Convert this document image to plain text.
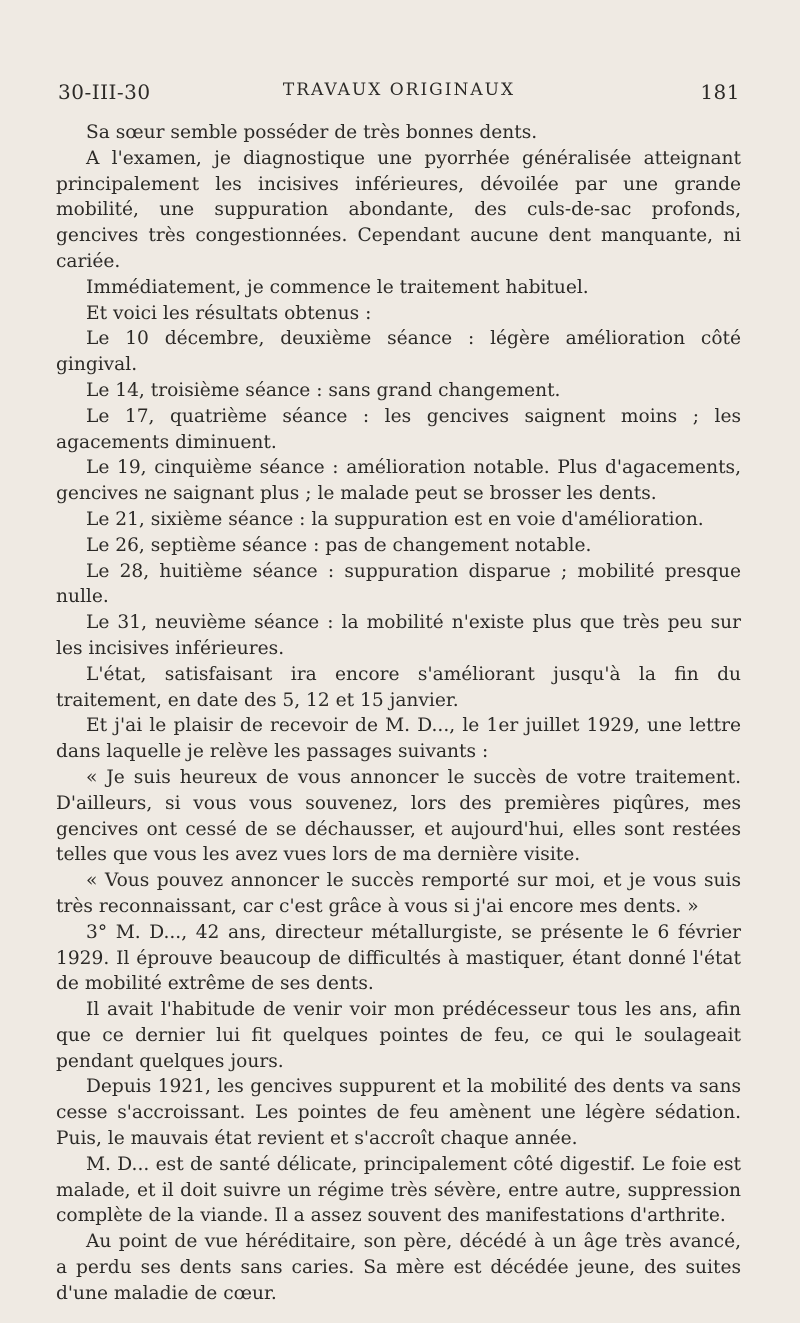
30-III-30	TRAVAUX ORIGINAUX	181

Sa sœur semble posséder de très bonnes dents.

A l'examen, je diagnostique une pyorrhée généralisée atteignant principalement les incisives inférieures, dévoilée par une grande mobilité, une suppuration abondante, des culs-de-sac profonds, gencives très congestionnées. Cependant aucune dent manquante, ni cariée.

Immédiatement, je commence le traitement habituel.

Et voici les résultats obtenus :

Le 10 décembre, deuxième séance : légère amélioration côté gingival.

Le 14, troisième séance : sans grand changement.

Le 17, quatrième séance : les gencives saignent moins ; les agacements diminuent.

Le 19, cinquième séance : amélioration notable. Plus d'agacements, gencives ne saignant plus ; le malade peut se brosser les dents.

Le 21, sixième séance : la suppuration est en voie d'amélioration.

Le 26, septième séance : pas de changement notable.

Le 28, huitième séance : suppuration disparue ; mobilité presque nulle.

Le 31, neuvième séance : la mobilité n'existe plus que très peu sur les incisives inférieures.

L'état, satisfaisant ira encore s'améliorant jusqu'à la fin du traitement, en date des 5, 12 et 15 janvier.

Et j'ai le plaisir de recevoir de M. D..., le 1er juillet 1929, une lettre dans laquelle je relève les passages suivants :

« Je suis heureux de vous annoncer le succès de votre traitement. D'ailleurs, si vous vous souvenez, lors des premières piqûres, mes gencives ont cessé de se déchausser, et aujourd'hui, elles sont restées telles que vous les avez vues lors de ma dernière visite.

« Vous pouvez annoncer le succès remporté sur moi, et je vous suis très reconnaissant, car c'est grâce à vous si j'ai encore mes dents. »

3° M. D..., 42 ans, directeur métallurgiste, se présente le 6 février 1929. Il éprouve beaucoup de difficultés à mastiquer, étant donné l'état de mobilité extrême de ses dents.

Il avait l'habitude de venir voir mon prédécesseur tous les ans, afin que ce dernier lui fit quelques pointes de feu, ce qui le soulageait pendant quelques jours.

Depuis 1921, les gencives suppurent et la mobilité des dents va sans cesse s'accroissant. Les pointes de feu amènent une légère sédation. Puis, le mauvais état revient et s'accroît chaque année.

M. D... est de santé délicate, principalement côté digestif. Le foie est malade, et il doit suivre un régime très sévère, entre autre, suppression complète de la viande. Il a assez souvent des manifestations d'arthrite.

Au point de vue héréditaire, son père, décédé à un âge très avancé, a perdu ses dents sans caries. Sa mère est décédée jeune, des suites d'une maladie de cœur.
